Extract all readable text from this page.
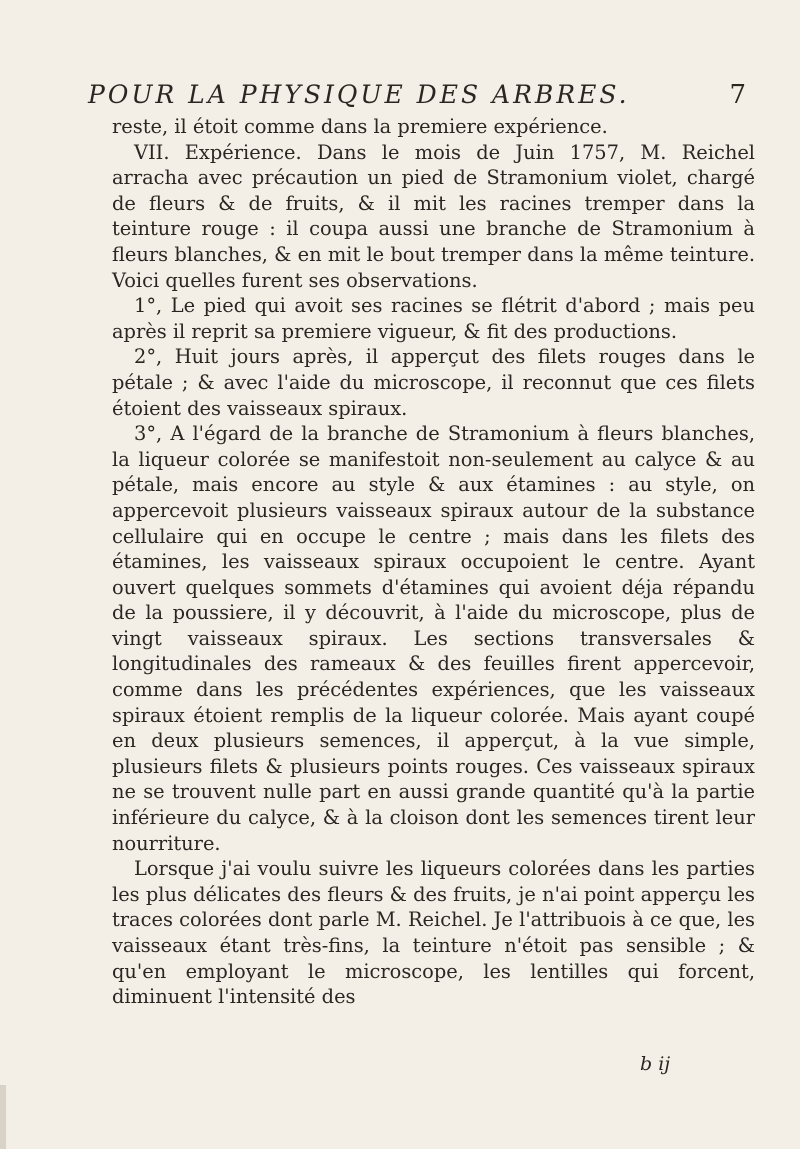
POUR LA PHYSIQUE DES ARBRES.	7

reste, il étoit comme dans la premiere expérience.

VII. Expérience. Dans le mois de Juin 1757, M. Reichel arracha avec précaution un pied de Stramonium violet, chargé de fleurs & de fruits, & il mit les racines tremper dans la teinture rouge : il coupa aussi une branche de Stramonium à fleurs blanches, & en mit le bout tremper dans la même teinture. Voici quelles furent ses observations.

1°, Le pied qui avoit ses racines se flétrit d'abord ; mais peu après il reprit sa premiere vigueur, & fit des productions.

2°, Huit jours après, il apperçut des filets rouges dans le pétale ; & avec l'aide du microscope, il reconnut que ces filets étoient des vaisseaux spiraux.

3°, A l'égard de la branche de Stramonium à fleurs blanches, la liqueur colorée se manifestoit non-seulement au calyce & au pétale, mais encore au style & aux étamines : au style, on appercevoit plusieurs vaisseaux spiraux autour de la substance cellulaire qui en occupe le centre ; mais dans les filets des étamines, les vaisseaux spiraux occupoient le centre. Ayant ouvert quelques sommets d'étamines qui avoient déja répandu de la poussiere, il y découvrit, à l'aide du microscope, plus de vingt vaisseaux spiraux. Les sections transversales & longitudinales des rameaux & des feuilles firent appercevoir, comme dans les précédentes expériences, que les vaisseaux spiraux étoient remplis de la liqueur colorée. Mais ayant coupé en deux plusieurs semences, il apperçut, à la vue simple, plusieurs filets & plusieurs points rouges. Ces vaisseaux spiraux ne se trouvent nulle part en aussi grande quantité qu'à la partie inférieure du calyce, & à la cloison dont les semences tirent leur nourriture.

Lorsque j'ai voulu suivre les liqueurs colorées dans les parties les plus délicates des fleurs & des fruits, je n'ai point apperçu les traces colorées dont parle M. Reichel. Je l'attribuois à ce que, les vaisseaux étant très-fins, la teinture n'étoit pas sensible ; & qu'en employant le microscope, les lentilles qui forcent, diminuent l'intensité des

b ij
